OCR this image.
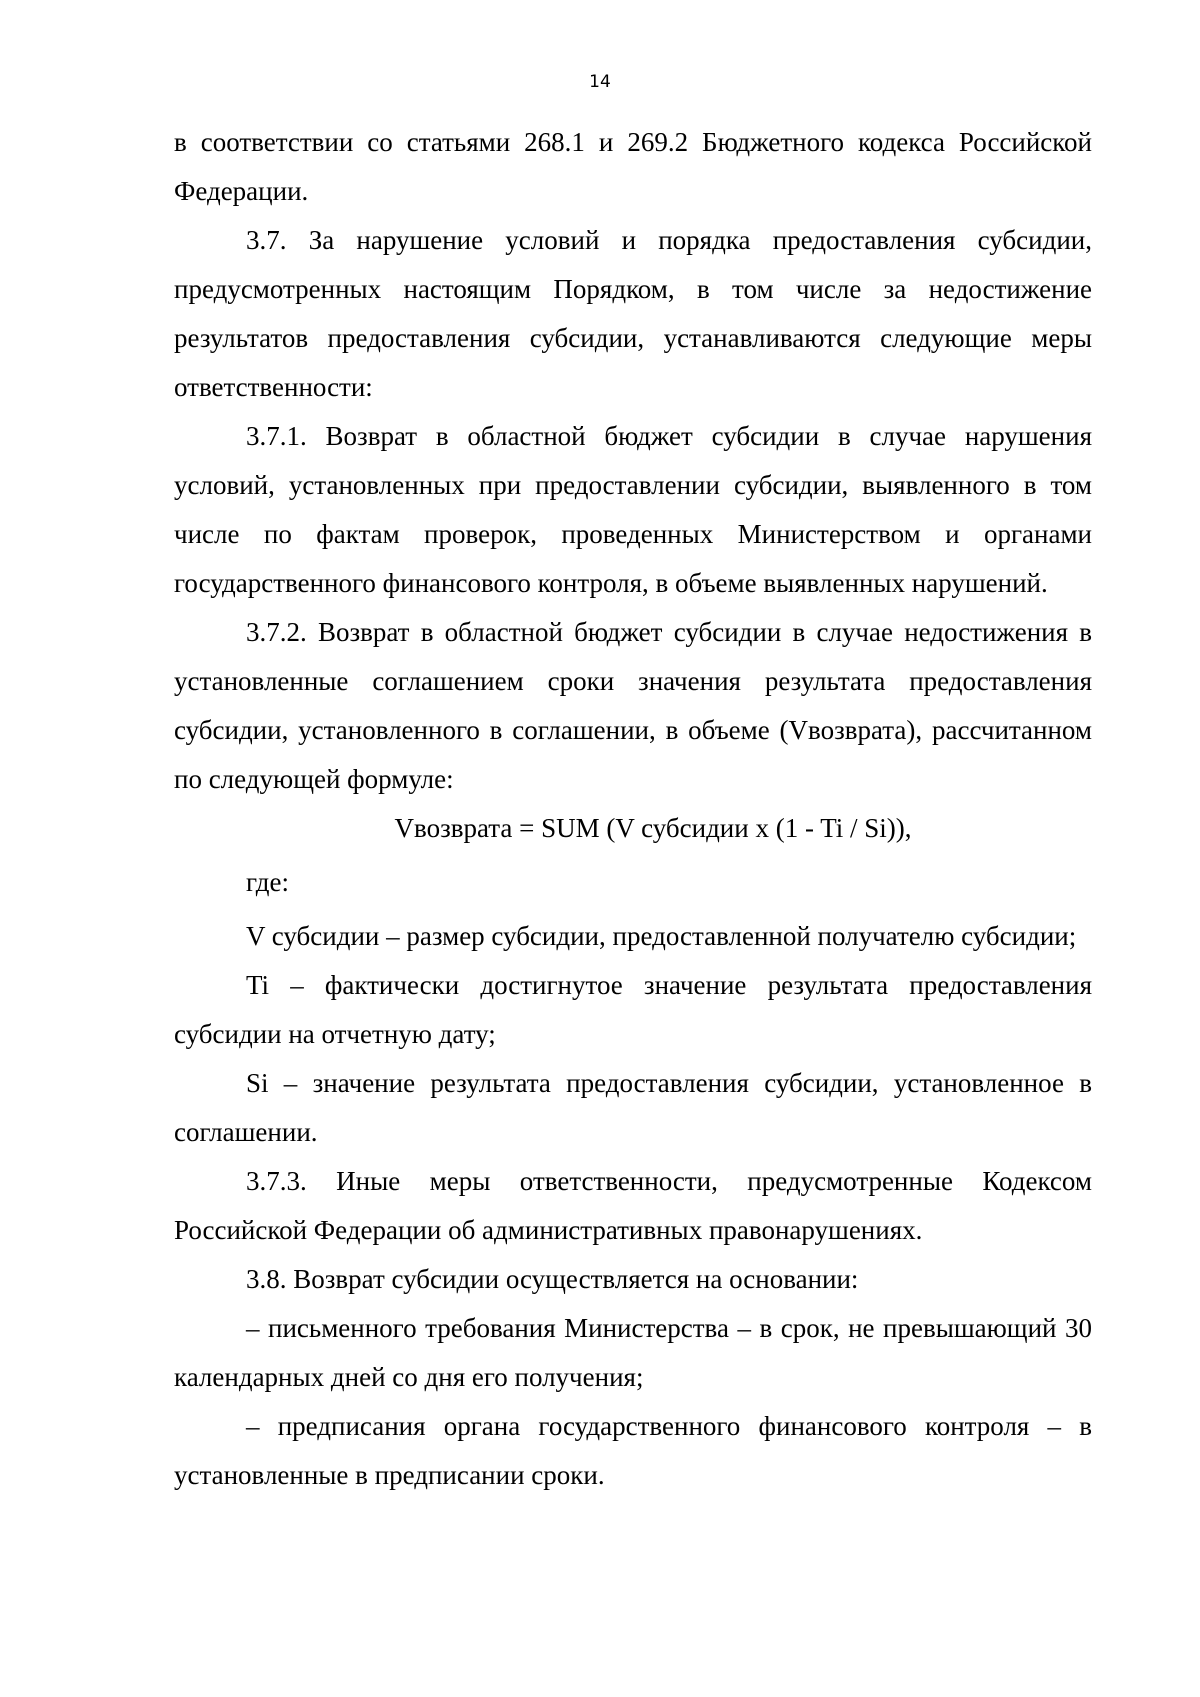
14

в соответствии со статьями 268.1 и 269.2 Бюджетного кодекса Российской Федерации.

3.7. За нарушение условий и порядка предоставления субсидии, предусмотренных настоящим Порядком, в том числе за недостижение результатов предоставления субсидии, устанавливаются следующие меры ответственности:

3.7.1. Возврат в областной бюджет субсидии в случае нарушения условий, установленных при предоставлении субсидии, выявленного в том числе по фактам проверок, проведенных Министерством и органами государственного финансового контроля, в объеме выявленных нарушений.

3.7.2. Возврат в областной бюджет субсидии в случае недостижения в установленные соглашением сроки значения результата предоставления субсидии, установленного в соглашении, в объеме (Vвозврата), рассчитанном по следующей формуле:

Vвозврата = SUM (V субсидии x (1 - Ti / Si)),

где:

V субсидии – размер субсидии, предоставленной получателю субсидии;

Ti – фактически достигнутое значение результата предоставления субсидии на отчетную дату;

Si – значение результата предоставления субсидии, установленное в соглашении.

3.7.3. Иные меры ответственности, предусмотренные Кодексом Российской Федерации об административных правонарушениях.

3.8. Возврат субсидии осуществляется на основании:

– письменного требования Министерства – в срок, не превышающий 30 календарных дней со дня его получения;

– предписания органа государственного финансового контроля – в установленные в предписании сроки.
